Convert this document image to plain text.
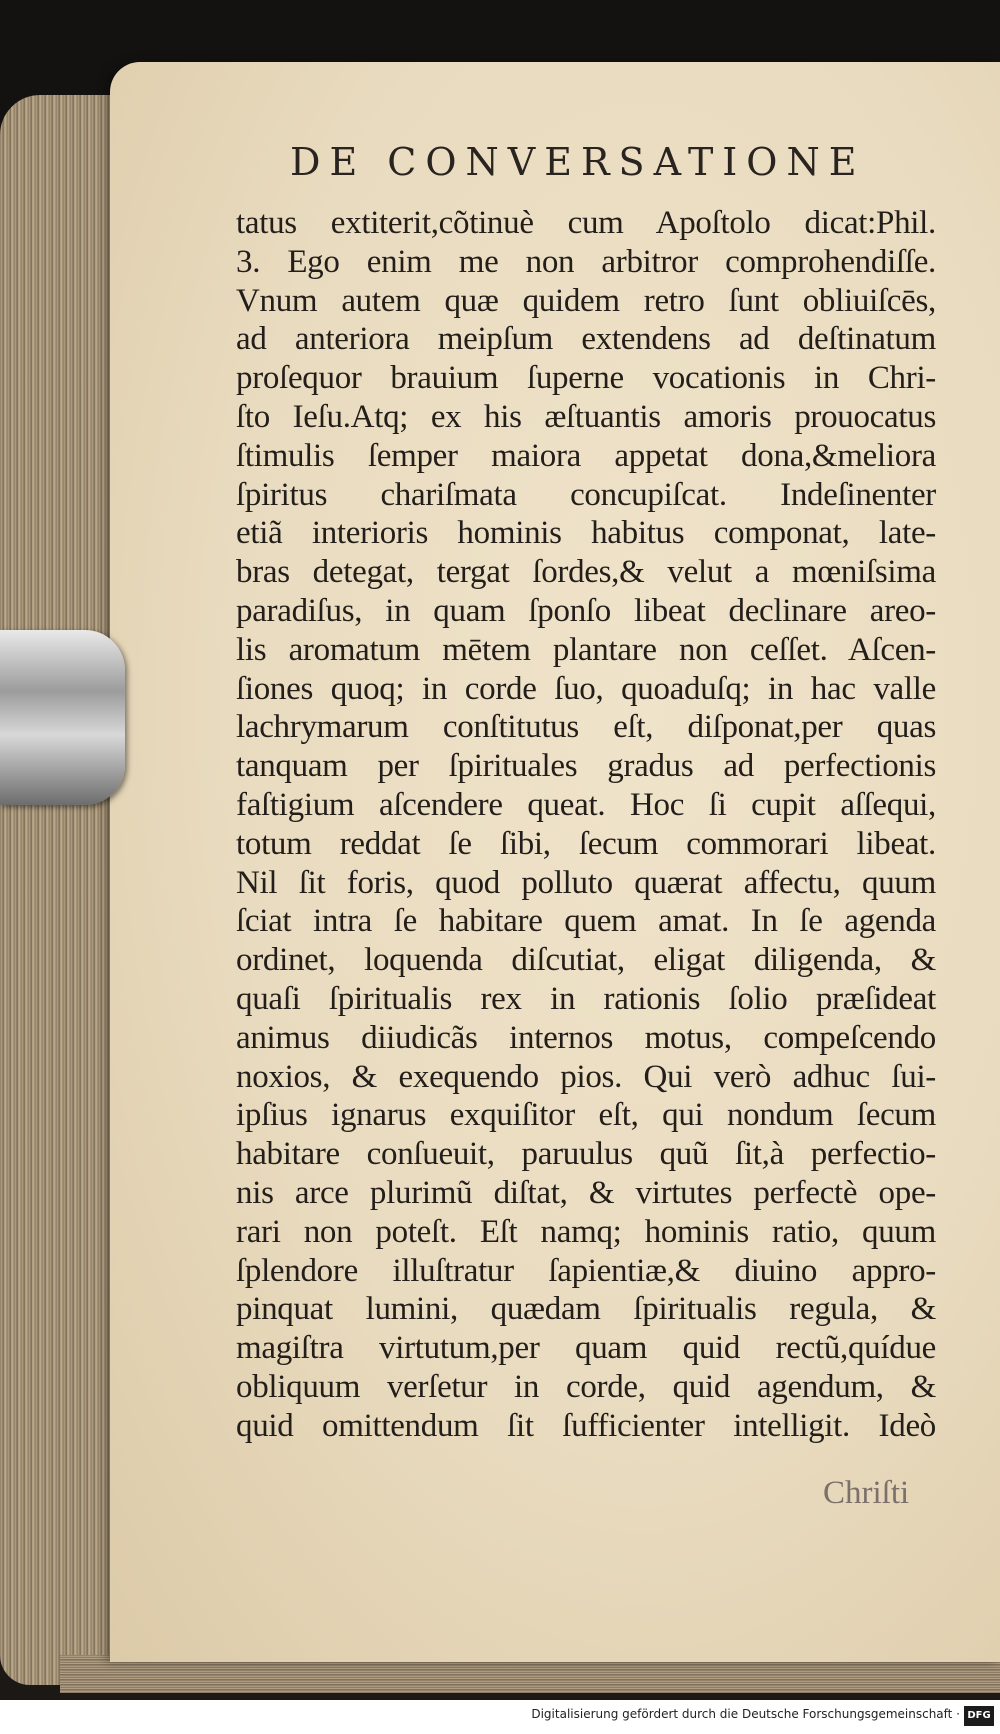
DE CONVERSATIONE
tatus extiterit,cõtinuè cum Apoſtolo dicat:Phil.
3. Ego enim me non arbitror comprohendiſſe.
Vnum autem quæ quidem retro ſunt obliuiſcēs,
ad anteriora meipſum extendens ad deſtinatum
proſequor brauium ſuperne vocationis in Chri-
ſto Ieſu.Atq; ex his æſtuantis amoris prouocatus
ſtimulis ſemper maiora appetat dona,&meliora
ſpiritus chariſmata concupiſcat. Indeſinenter
etiã interioris hominis habitus componat, late-
bras detegat, tergat ſordes,& velut a mœniſsima
paradiſus, in quam ſponſo libeat declinare areo-
lis aromatum mētem plantare non ceſſet. Aſcen-
ſiones quoq; in corde ſuo, quoaduſq; in hac valle
lachrymarum conſtitutus eſt, diſponat,per quas
tanquam per ſpirituales gradus ad perfectionis
faſtigium aſcendere queat. Hoc ſi cupit aſſequi,
totum reddat ſe ſibi, ſecum commorari libeat.
Nil ſit foris, quod polluto quærat affectu, quum
ſciat intra ſe habitare quem amat. In ſe agenda
ordinet, loquenda diſcutiat, eligat diligenda, &
quaſi ſpiritualis rex in rationis ſolio præſideat
animus diiudicãs internos motus, compeſcendo
noxios, & exequendo pios. Qui verò adhuc ſui-
ipſius ignarus exquiſitor eſt, qui nondum ſecum
habitare conſueuit, paruulus quũ ſit,à perfectio-
nis arce plurimũ diſtat, & virtutes perfectè ope-
rari non poteſt. Eſt namq; hominis ratio, quum
ſplendore illuſtratur ſapientiæ,& diuino appro-
pinquat lumini, quædam ſpiritualis regula, &
magiſtra virtutum,per quam quid rectũ,quídue
obliquum verſetur in corde, quid agendum, &
quid omittendum ſit ſufficienter intelligit. Ideò
Chriſti
Digitalisierung gefördert durch die Deutsche Forschungsgemeinschaft · DFG
